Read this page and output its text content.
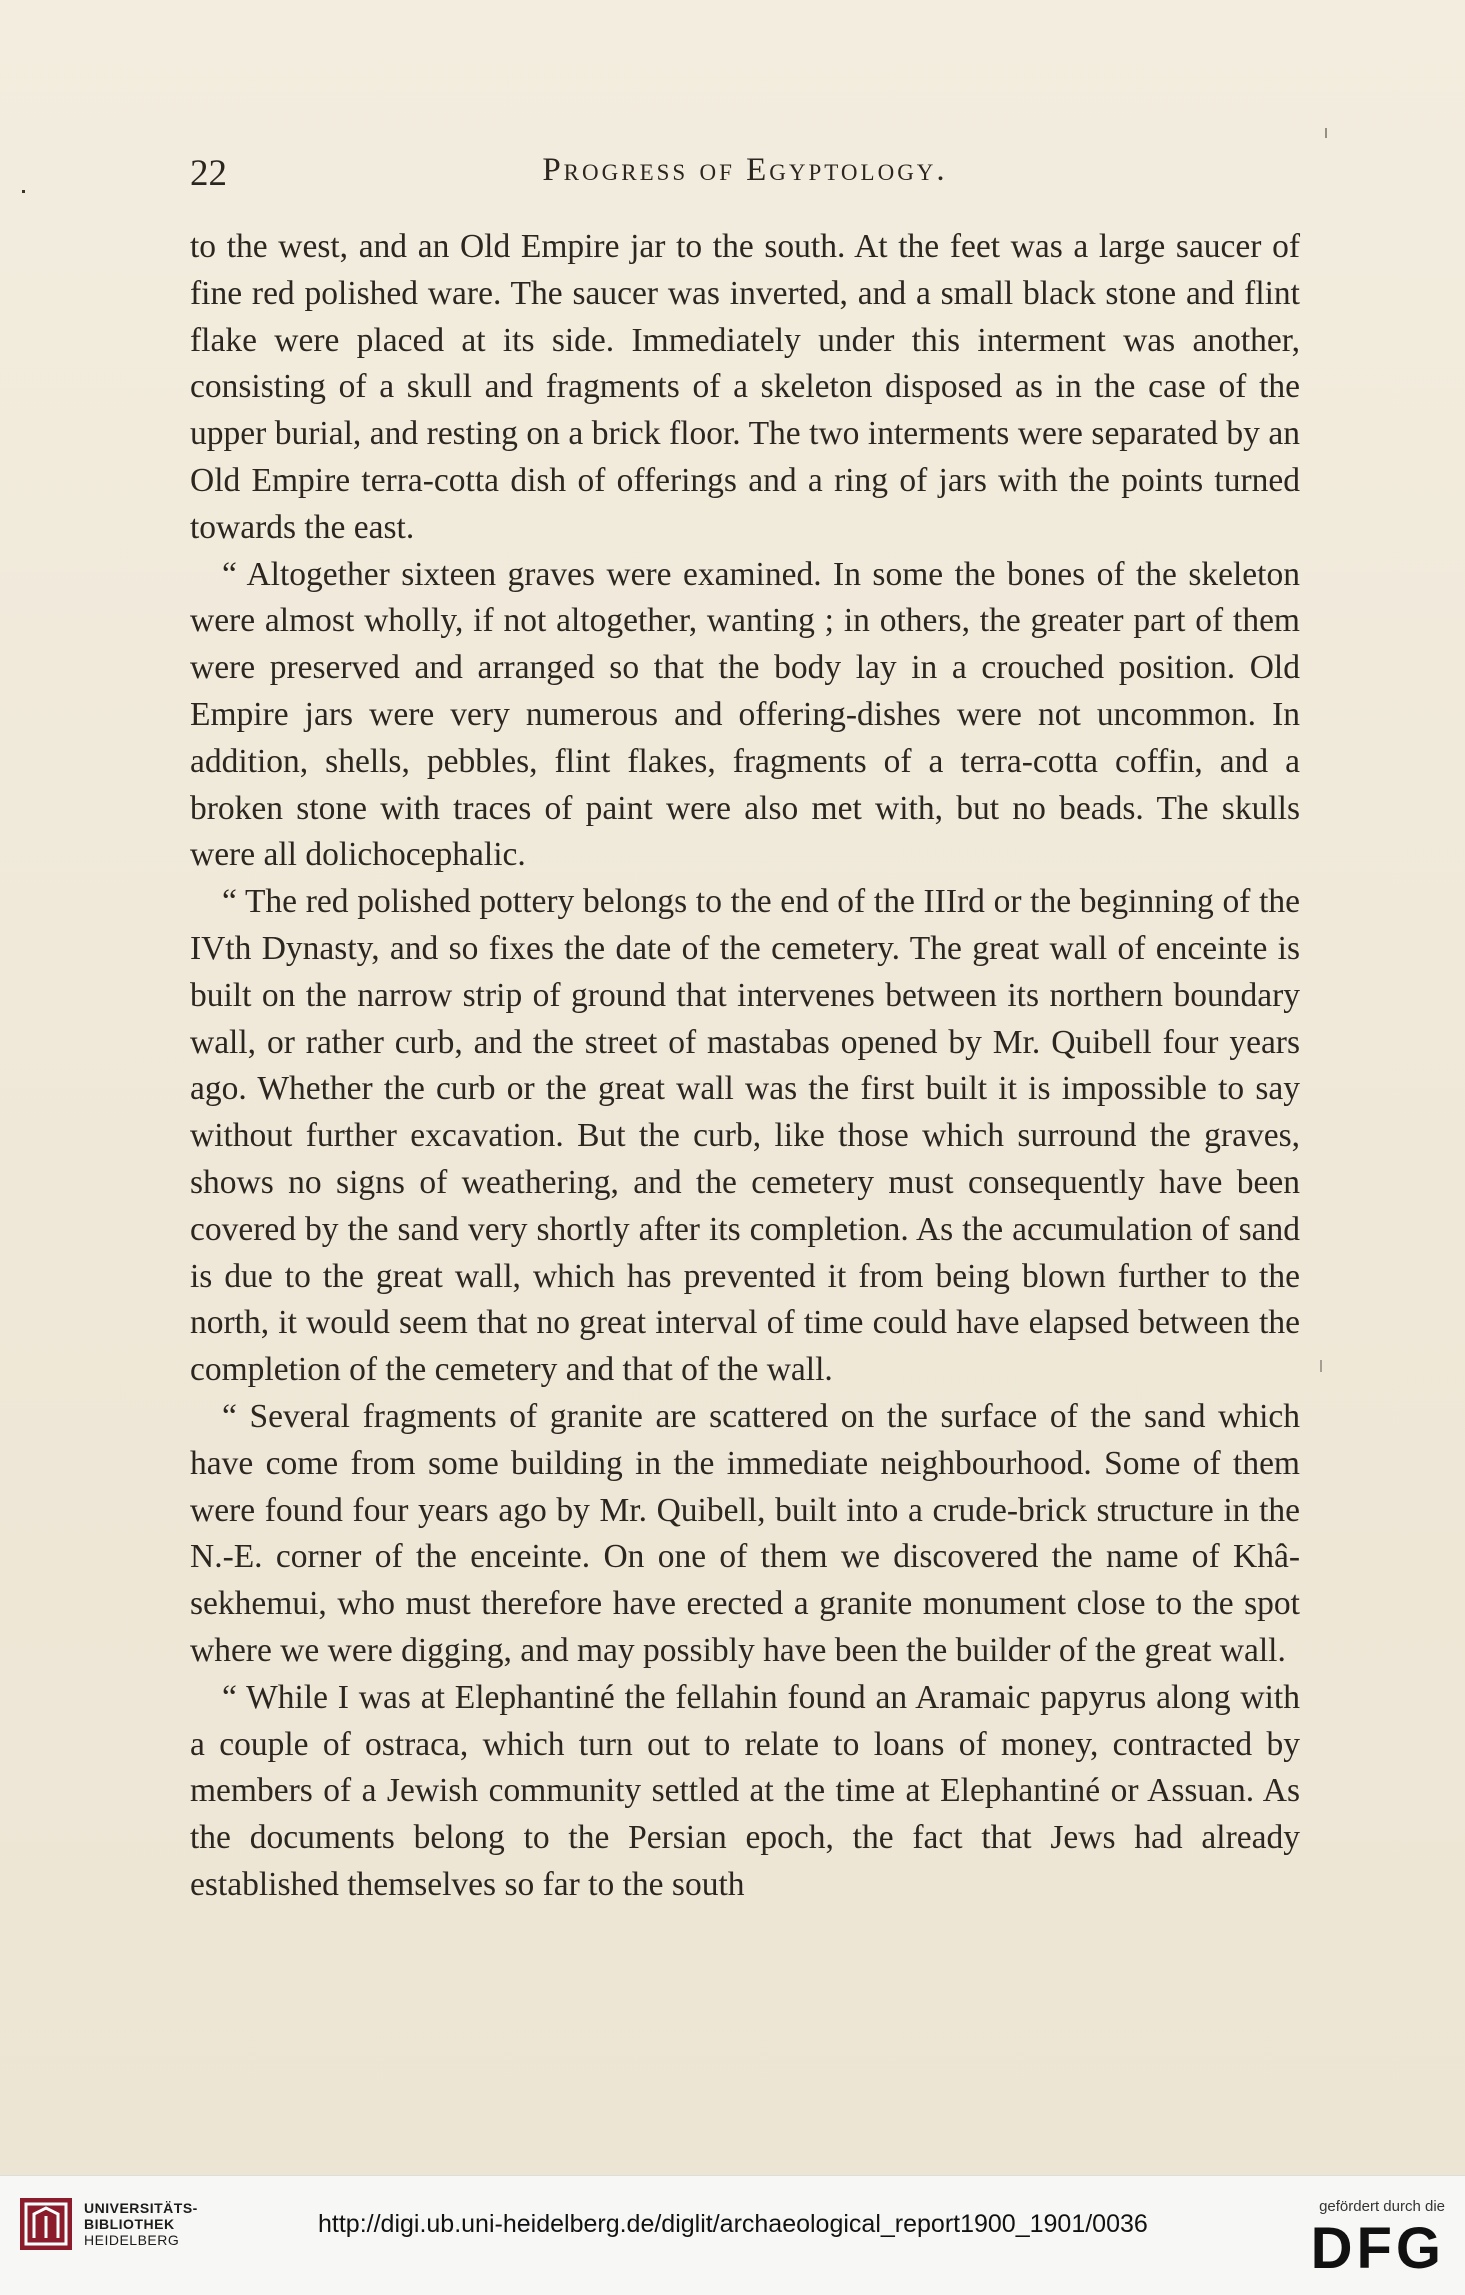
22	Progress of Egyptology.

to the west, and an Old Empire jar to the south. At the feet was a large saucer of fine red polished ware. The saucer was inverted, and a small black stone and flint flake were placed at its side. Immediately under this interment was another, consisting of a skull and fragments of a skeleton disposed as in the case of the upper burial, and resting on a brick floor. The two interments were separated by an Old Empire terra-cotta dish of offerings and a ring of jars with the points turned towards the east.

“ Altogether sixteen graves were examined. In some the bones of the skeleton were almost wholly, if not altogether, wanting ; in others, the greater part of them were preserved and arranged so that the body lay in a crouched position. Old Empire jars were very numerous and offering-dishes were not uncommon. In addition, shells, pebbles, flint flakes, fragments of a terra-cotta coffin, and a broken stone with traces of paint were also met with, but no beads. The skulls were all dolichocephalic.

“ The red polished pottery belongs to the end of the IIIrd or the beginning of the IVth Dynasty, and so fixes the date of the cemetery. The great wall of enceinte is built on the narrow strip of ground that intervenes between its northern boundary wall, or rather curb, and the street of mastabas opened by Mr. Quibell four years ago. Whether the curb or the great wall was the first built it is impossible to say without further excavation. But the curb, like those which surround the graves, shows no signs of weathering, and the cemetery must consequently have been covered by the sand very shortly after its completion. As the accumulation of sand is due to the great wall, which has prevented it from being blown further to the north, it would seem that no great interval of time could have elapsed between the completion of the cemetery and that of the wall.

“ Several fragments of granite are scattered on the surface of the sand which have come from some building in the immediate neighbourhood. Some of them were found four years ago by Mr. Quibell, built into a crude-brick structure in the N.-E. corner of the enceinte. On one of them we discovered the name of Khâ-sekhemui, who must therefore have erected a granite monument close to the spot where we were digging, and may possibly have been the builder of the great wall.

“ While I was at Elephantiné the fellahin found an Aramaic papyrus along with a couple of ostraca, which turn out to relate to loans of money, contracted by members of a Jewish community settled at the time at Elephantiné or Assuan. As the documents belong to the Persian epoch, the fact that Jews had already established themselves so far to the south

UNIVERSITÄTS-
BIBLIOTHEK
HEIDELBERG
http://digi.ub.uni-heidelberg.de/diglit/archaeological_report1900_1901/0036
gefördert durch die
DFG
